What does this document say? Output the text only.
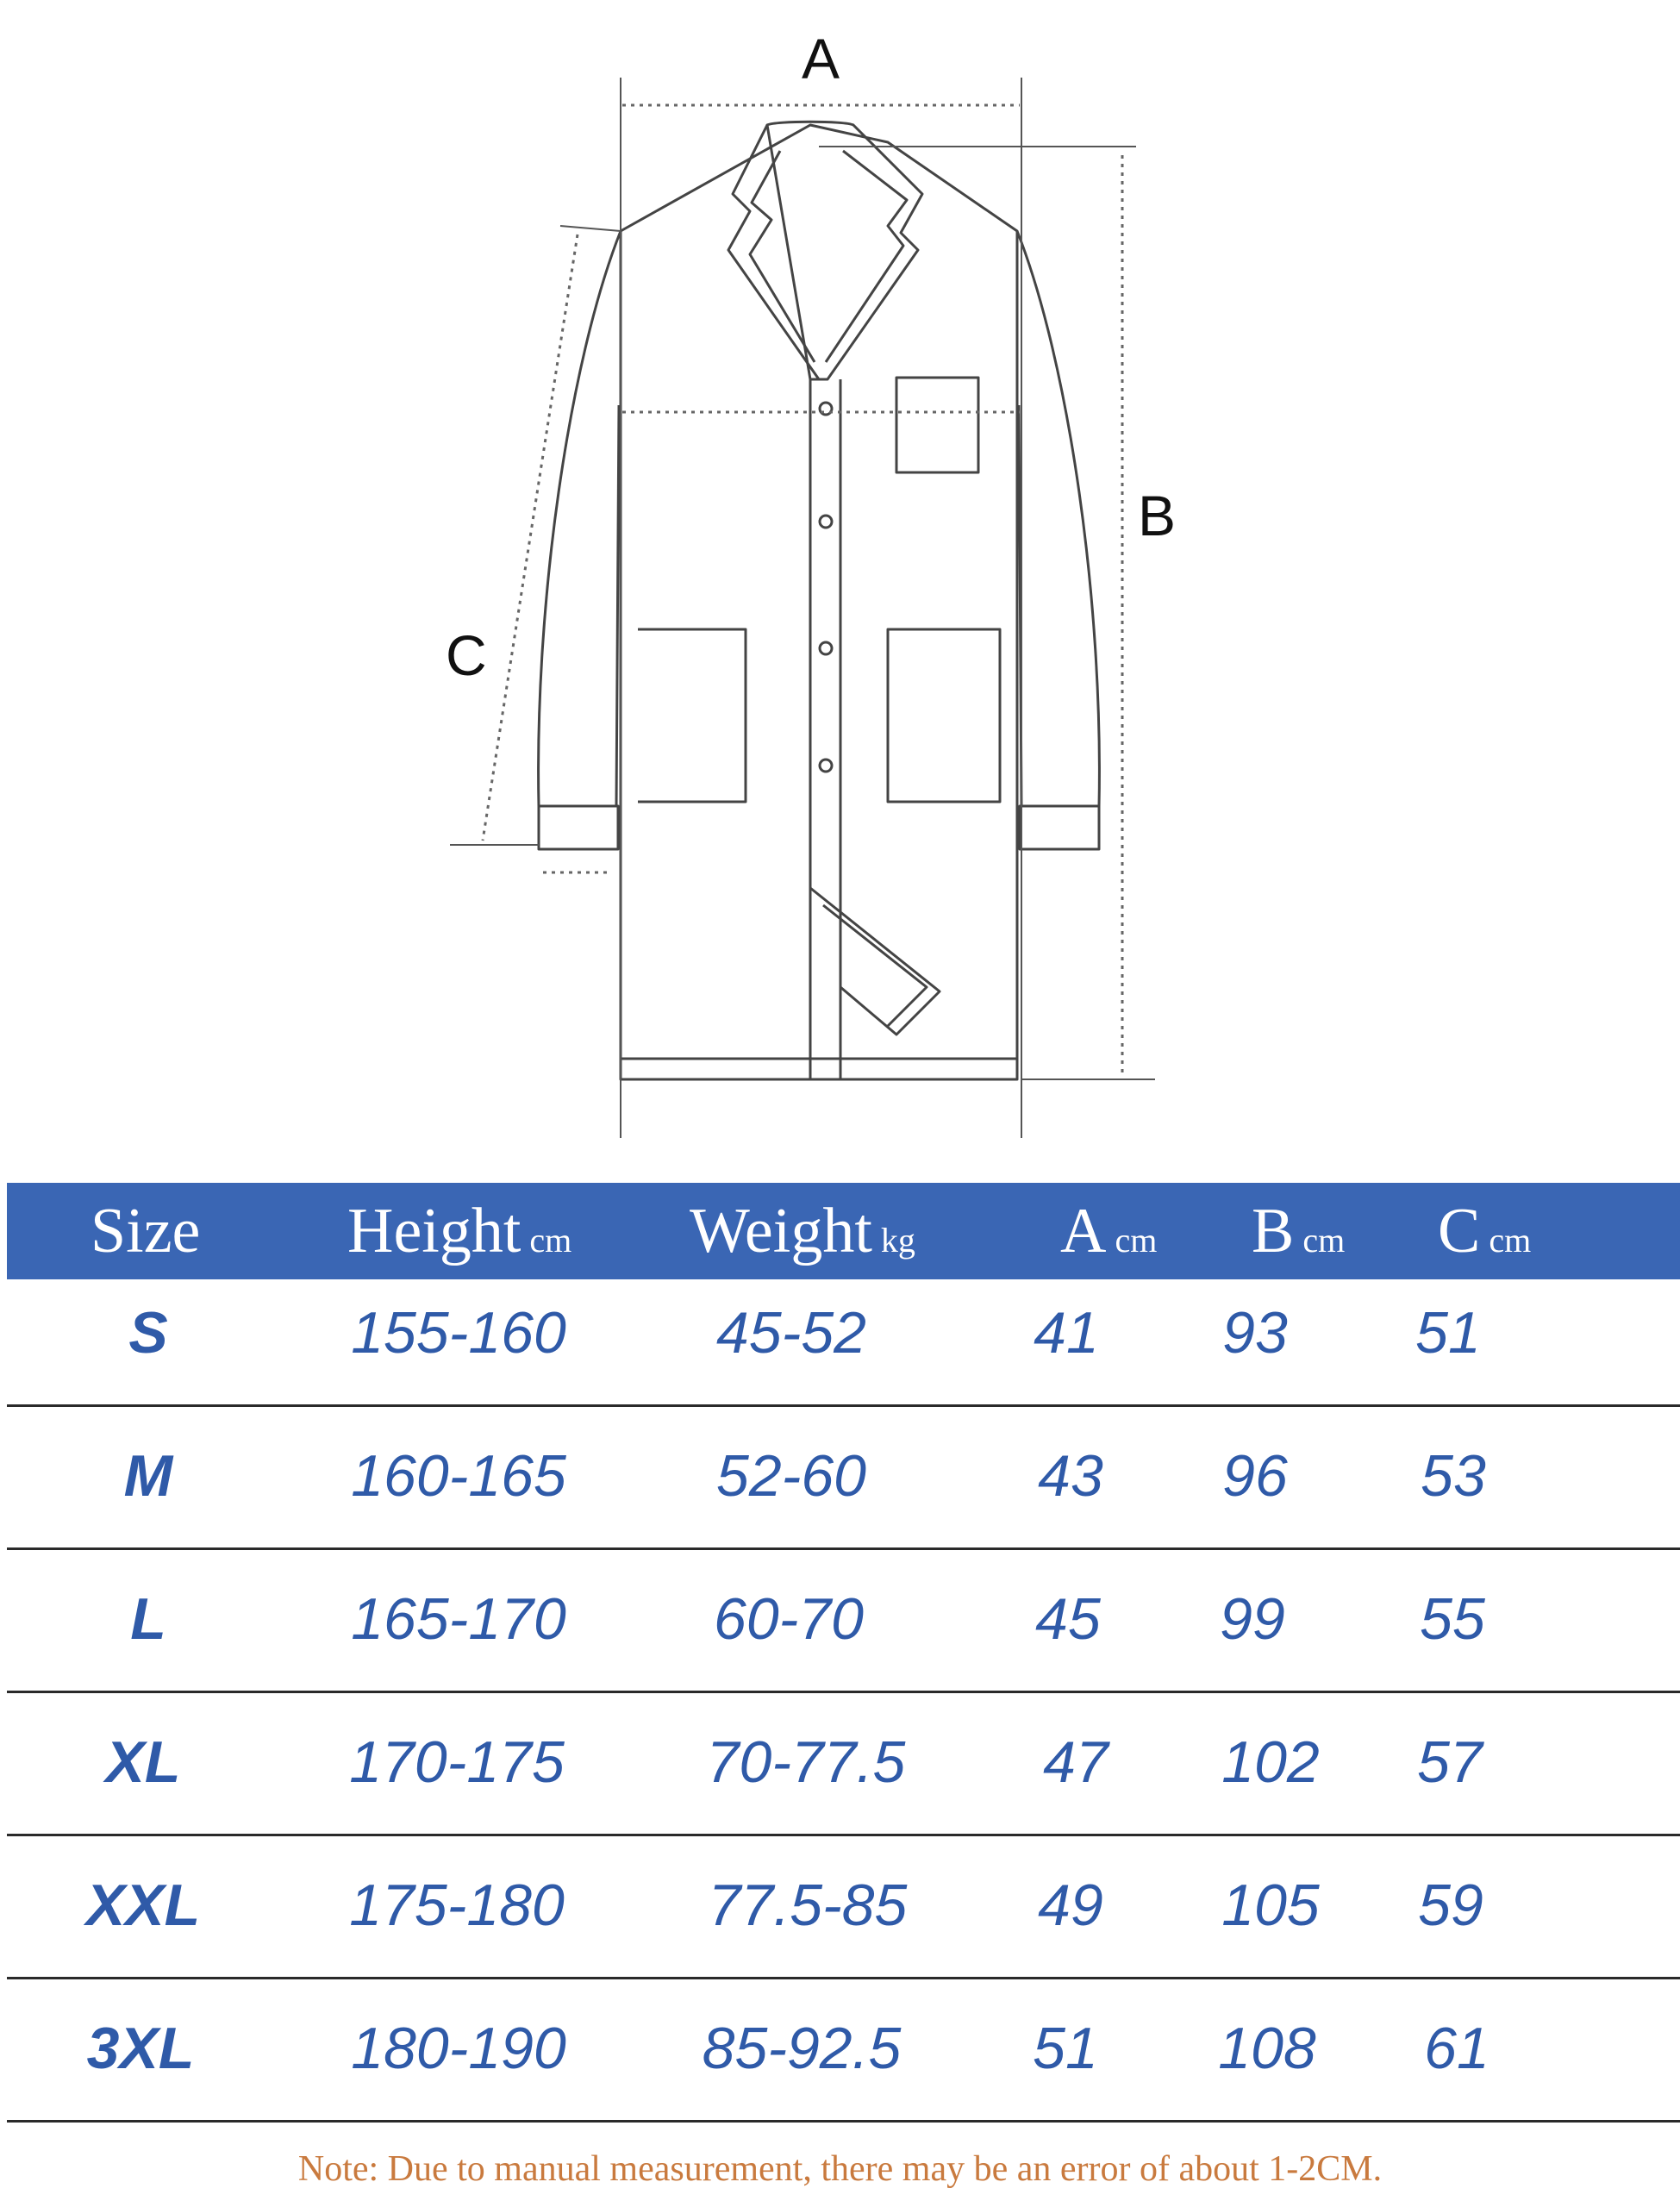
A
B
C
Size Height cm Weight kg Acm Bcm Ccm
S	155-160	45-52	41 93 51
M	160-165	52-60	43 96 53
L	165-170	60-70	45 99 55
XL	170-175 70-77.5 47 102 57
XXL	175-180 77.5-85 49 105 59
3XL	180-190 85-92.5 51 108 61
Note: Due to manual measurement, there may be an error of about 1-2CM.
